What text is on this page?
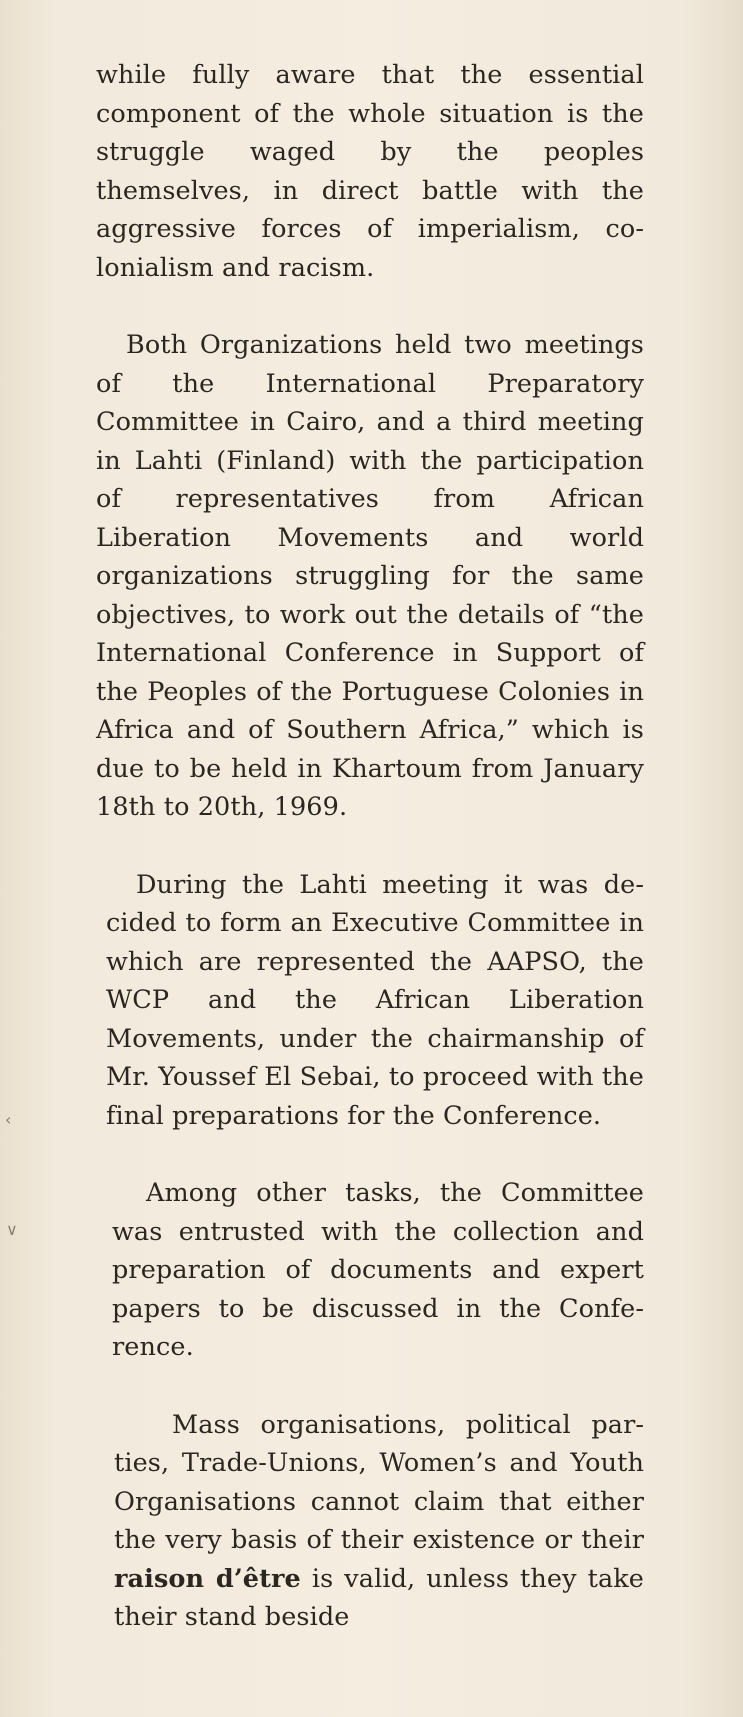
while fully aware that the essential component of the whole situation is the struggle waged by the peoples themselves, in direct battle with the aggressive forces of imperialism, colonialism and racism.

Both Organizations held two meetings of the International Preparatory Committee in Cairo, and a third meeting in Lahti (Finland) with the participation of representatives from African Liberation Movements and world organizations struggling for the same objectives, to work out the details of “the International Conference in Support of the Peoples of the Portuguese Colonies in Africa and of Southern Africa,” which is due to be held in Khartoum from January 18th to 20th, 1969.

During the Lahti meeting it was decided to form an Executive Committee in which are represented the AAPSO, the WCP and the African Liberation Movements, under the chairmanship of Mr. Youssef El Sebai, to proceed with the final preparations for the Conference.

Among other tasks, the Committee was entrusted with the collection and preparation of documents and expert papers to be discussed in the Conference.

Mass organisations, political parties, Trade-Unions, Women’s and Youth Organisations cannot claim that either the very basis of their existence or their raison d’être is valid, unless they take their stand beside

‹
∨
